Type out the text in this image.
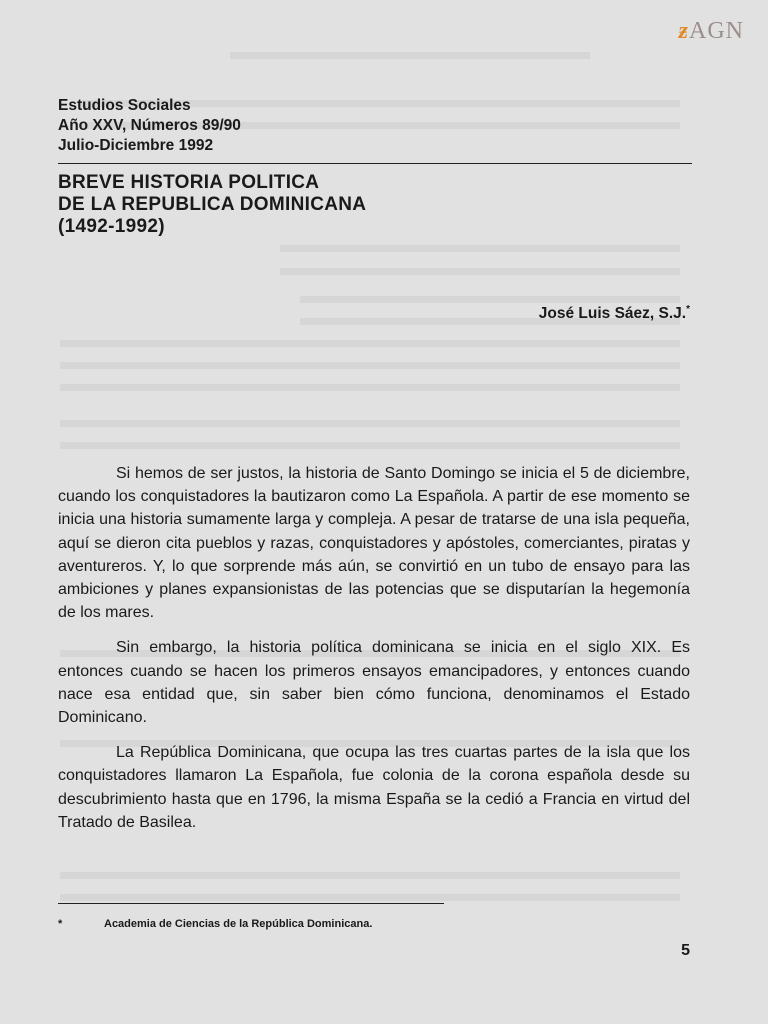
ƶAGN
Estudios Sociales
Año XXV, Números 89/90
Julio-Diciembre 1992
BREVE HISTORIA POLITICA
DE LA REPUBLICA DOMINICANA
(1492-1992)
José Luis Sáez, S.J.*

Si hemos de ser justos, la historia de Santo Domingo se inicia el 5 de diciembre, cuando los conquistadores la bautizaron como La Española. A partir de ese momento se inicia una historia sumamente larga y compleja. A pesar de tratarse de una isla pequeña, aquí se dieron cita pueblos y razas, conquistadores y apóstoles, comerciantes, piratas y aventureros. Y, lo que sorprende más aún, se convirtió en un tubo de ensayo para las ambiciones y planes expansionistas de las potencias que se disputarían la hegemonía de los mares.

Sin embargo, la historia política dominicana se inicia en el siglo XIX. Es entonces cuando se hacen los primeros ensayos emancipadores, y entonces cuando nace esa entidad que, sin saber bien cómo funciona, denominamos el Estado Dominicano.

La República Dominicana, que ocupa las tres cuartas partes de la isla que los conquistadores llamaron La Española, fue colonia de la corona española desde su descubrimiento hasta que en 1796, la misma España se la cedió a Francia en virtud del Tratado de Basilea.

*	Academia de Ciencias de la República Dominicana.
5
